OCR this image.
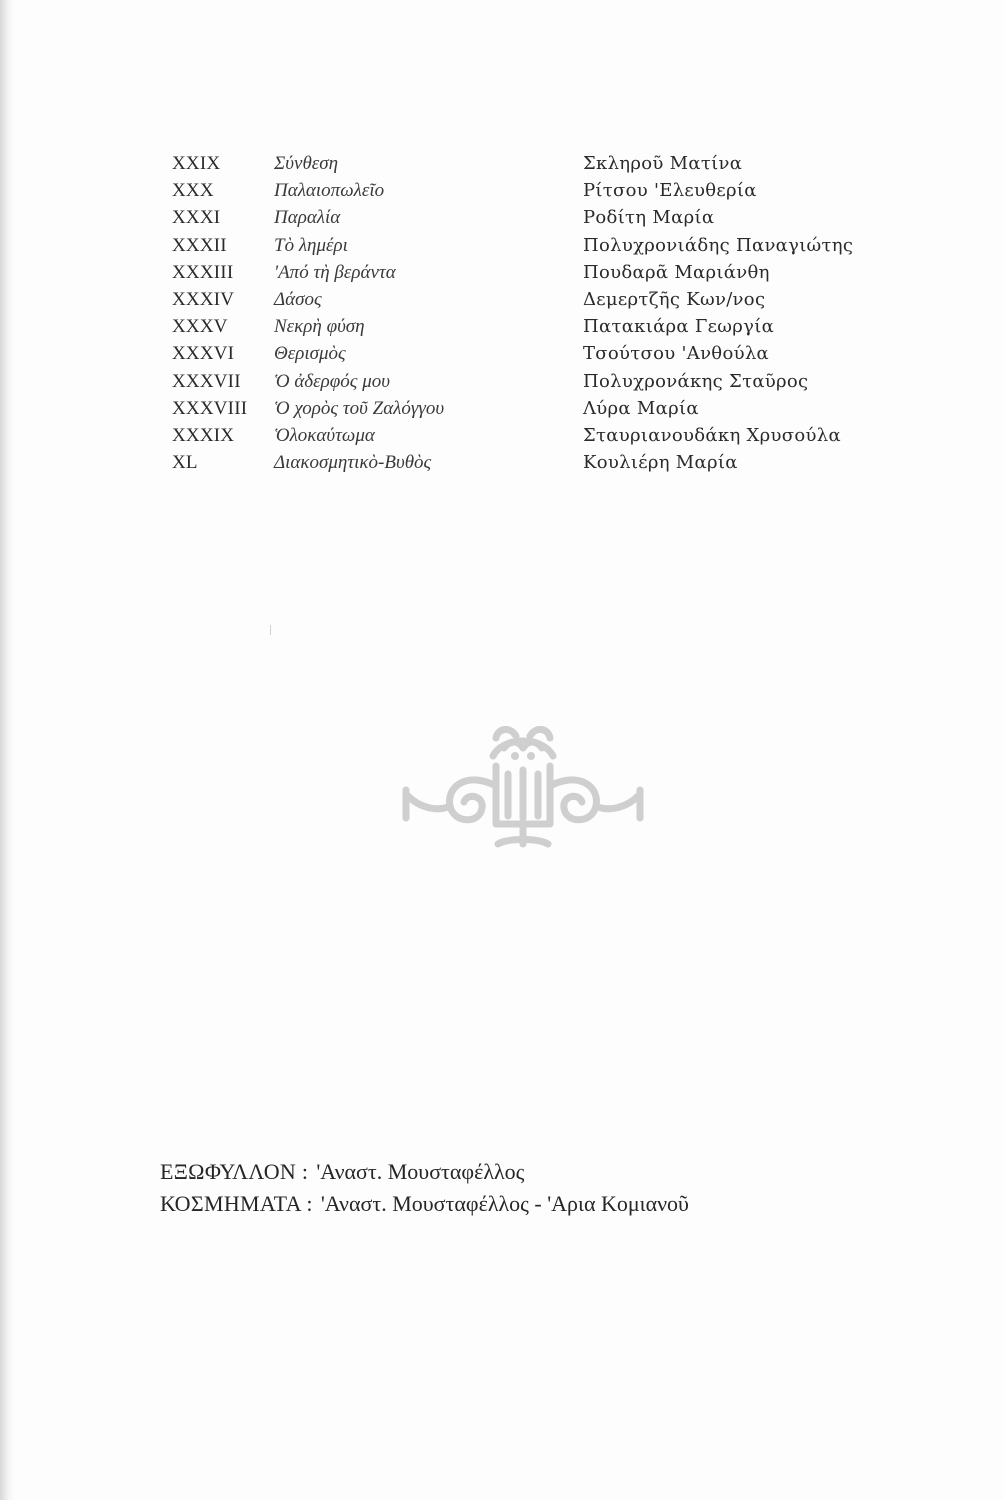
XXIX	Σύνθεση	Σκληροῦ Ματίνα
XXX	Παλαιοπωλεῖο	Ρίτσου 'Ελευθερία
XXXI	Παραλία	Ροδίτη Μαρία
XXXII Τὸ λημέρι	Πολυχρονιάδης Παναγιώτης
XXXIII 'Από τὴ βεράντα	Πουδαρᾶ Μαριάνθη
XXXIV Δάσος	Δεμερτζῆς Κων/νος
XXXV Νεκρὴ φύση	Πατακιάρα Γεωργία
XXXVI Θερισμὸς	Τσούτσου 'Ανθούλα
XXXVII Ὁ ἀδερφός μου	Πολυχρονάκης Σταῦρος
XXXVIII Ὁ χορὸς τοῦ Ζαλόγγου	Λύρα Μαρία
XXXIX Ὁλοκαύτωμα	Σταυριανουδάκη Χρυσούλα
XL	Διακοσμητικὸ-Βυθὸς	Κουλιέρη Μαρία
ΕΞΩΦΥΛΛΟΝ : 'Αναστ. Μουσταφέλλος
ΚΟΣΜΗΜΑΤΑ : 'Αναστ. Μουσταφέλλος - 'Αρια Κομιανοῦ
